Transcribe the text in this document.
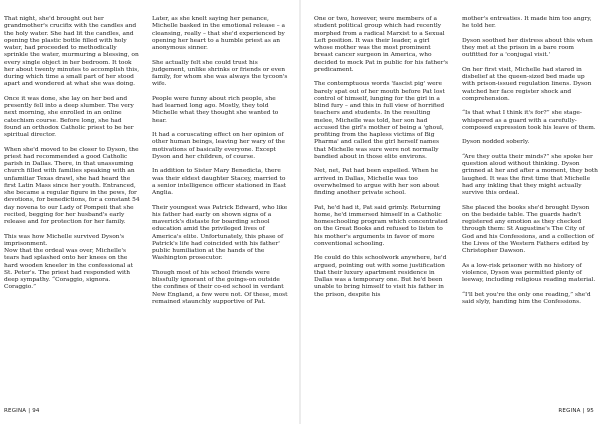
That night, she'd brought out her grandmother's crucifix with the candles and the holy water. She had lit the candles, and opening the plastic bottle filled with holy water, had proceeded to methodically sprinkle the water, murmuring a blessing, on every single object in her bedroom. It took her about twenty minutes to accomplish this, during which time a small part of her stood apart and wondered at what she was doing.

Once it was done, she lay on her bed and presently fell into a deep slumber. The very next morning, she enrolled in an online catechism course. Before long, she had found an orthodox Catholic priest to be her spiritual director.

When she'd moved to be closer to Dyson, the priest had recommended a good Catholic parish in Dallas. There, in that unassuming church filled with families speaking with an unfamiliar Texas drawl, she had heard the first Latin Mass since her youth. Entranced, she became a regular figure in the pews, for devotions, for benedictions, for a constant 54 day novena to our Lady of Pompeii that she recited, begging for her husband's early release and for protection for her family.

This was how Michelle survived Dyson's imprisonment.

Now that the ordeal was over, Michelle's tears had splashed onto her knees on the hard wooden kneeler in the confessional at St. Peter's. The priest had responded with deep sympathy. “Coraggio, signora. Coraggio.”

Later, as she knelt saying her penance, Michelle basked in the emotional release – a cleansing, really – that she'd experienced by opening her heart to a humble priest as an anonymous sinner.

She actually felt she could trust his judgement, unlike shrinks or friends or even family, for whom she was always the tycoon's wife.

People were funny about rich people, she had learned long ago. Mostly, they told Michelle what they thought she wanted to hear.

It had a coruscating effect on her opinion of other human beings, leaving her wary of the motivations of basically everyone. Except Dyson and her children, of course.

In addition to Sister Mary Benedicta, there was their eldest daughter Stacey, married to a senior intelligence officer stationed in East Anglia.

Their youngest was Patrick Edward, who like his father had early on shown signs of a maverick's distaste for boarding school education amid the privileged lives of America's elite. Unfortunately, this phase of Patrick's life had coincided with his father' public humiliation at the hands of the Washington prosecutor.

Though most of his school friends were blissfully ignorant of the goings-on outside the confines of their co-ed school in verdant New England, a few were not. Of these, most remained staunchly supportive of Pat.

REGINA | 94

One or two, however, were members of a student political group which had recently morphed from a radical Marxist to a Sexual Left position. It was their leader, a girl whose mother was the most prominent breast cancer surgeon in America, who decided to mock Pat in public for his father's predicament.

The contemptuous words 'fascist pig' were barely spat out of her mouth before Pat lost control of himself, lunging for the girl in a blind fury – and this in full view of horrified teachers and students. In the resulting melee, Michelle was told, her son had accused the girl's mother of being a 'ghoul, profiting from the hapless victims of Big Pharma' and called the girl herself names that Michelle was sure were not normally bandied about in those elite environs.

Net, net, Pat had been expelled. When he arrived in Dallas, Michelle was too overwhelmed to argue with her son about finding another private school.

Pat, he'd had it, Pat said grimly. Returning home, he'd immersed himself in a Catholic homeschooling program which concentrated on the Great Books and refused to listen to his mother's arguments in favor of more conventional schooling.

He could do this schoolwork anywhere, he'd argued, pointing out with some justification that their luxury apartment residence in Dallas was a temporary one. But he'd been unable to bring himself to visit his father in the prison, despite his

mother's entreaties. It made him too angry, he told her.

Dyson soothed her distress about this when they met at the prison in a bare room outfitted for a 'conjugal visit.'

On her first visit, Michelle had stared in disbelief at the queen-sized bed made up with prison-issued regulation linens. Dyson watched her face register shock and comprehension.

“Is that what I think it's for?” she stage-whispered as a guard with a carefully-composed expression took his leave of them.

Dyson nodded soberly.

“Are they outta their minds?” she spoke her question aloud without thinking. Dyson grinned at her and after a moment, they both laughed. It was the first time that Michelle had any inkling that they might actually survive this ordeal.

She placed the books she'd brought Dyson on the bedside table. The guards hadn't registered any emotion as they checked through them: St Augustine's The City of God and his Confessions, and a collection of the Lives of the Western Fathers edited by Christopher Dawson.

As a low-risk prisoner with no history of violence, Dyson was permitted plenty of leeway, including religious reading material.

“I'll bet you're the only one reading,” she'd said slyly, handing him the Confessions.

REGINA | 95
